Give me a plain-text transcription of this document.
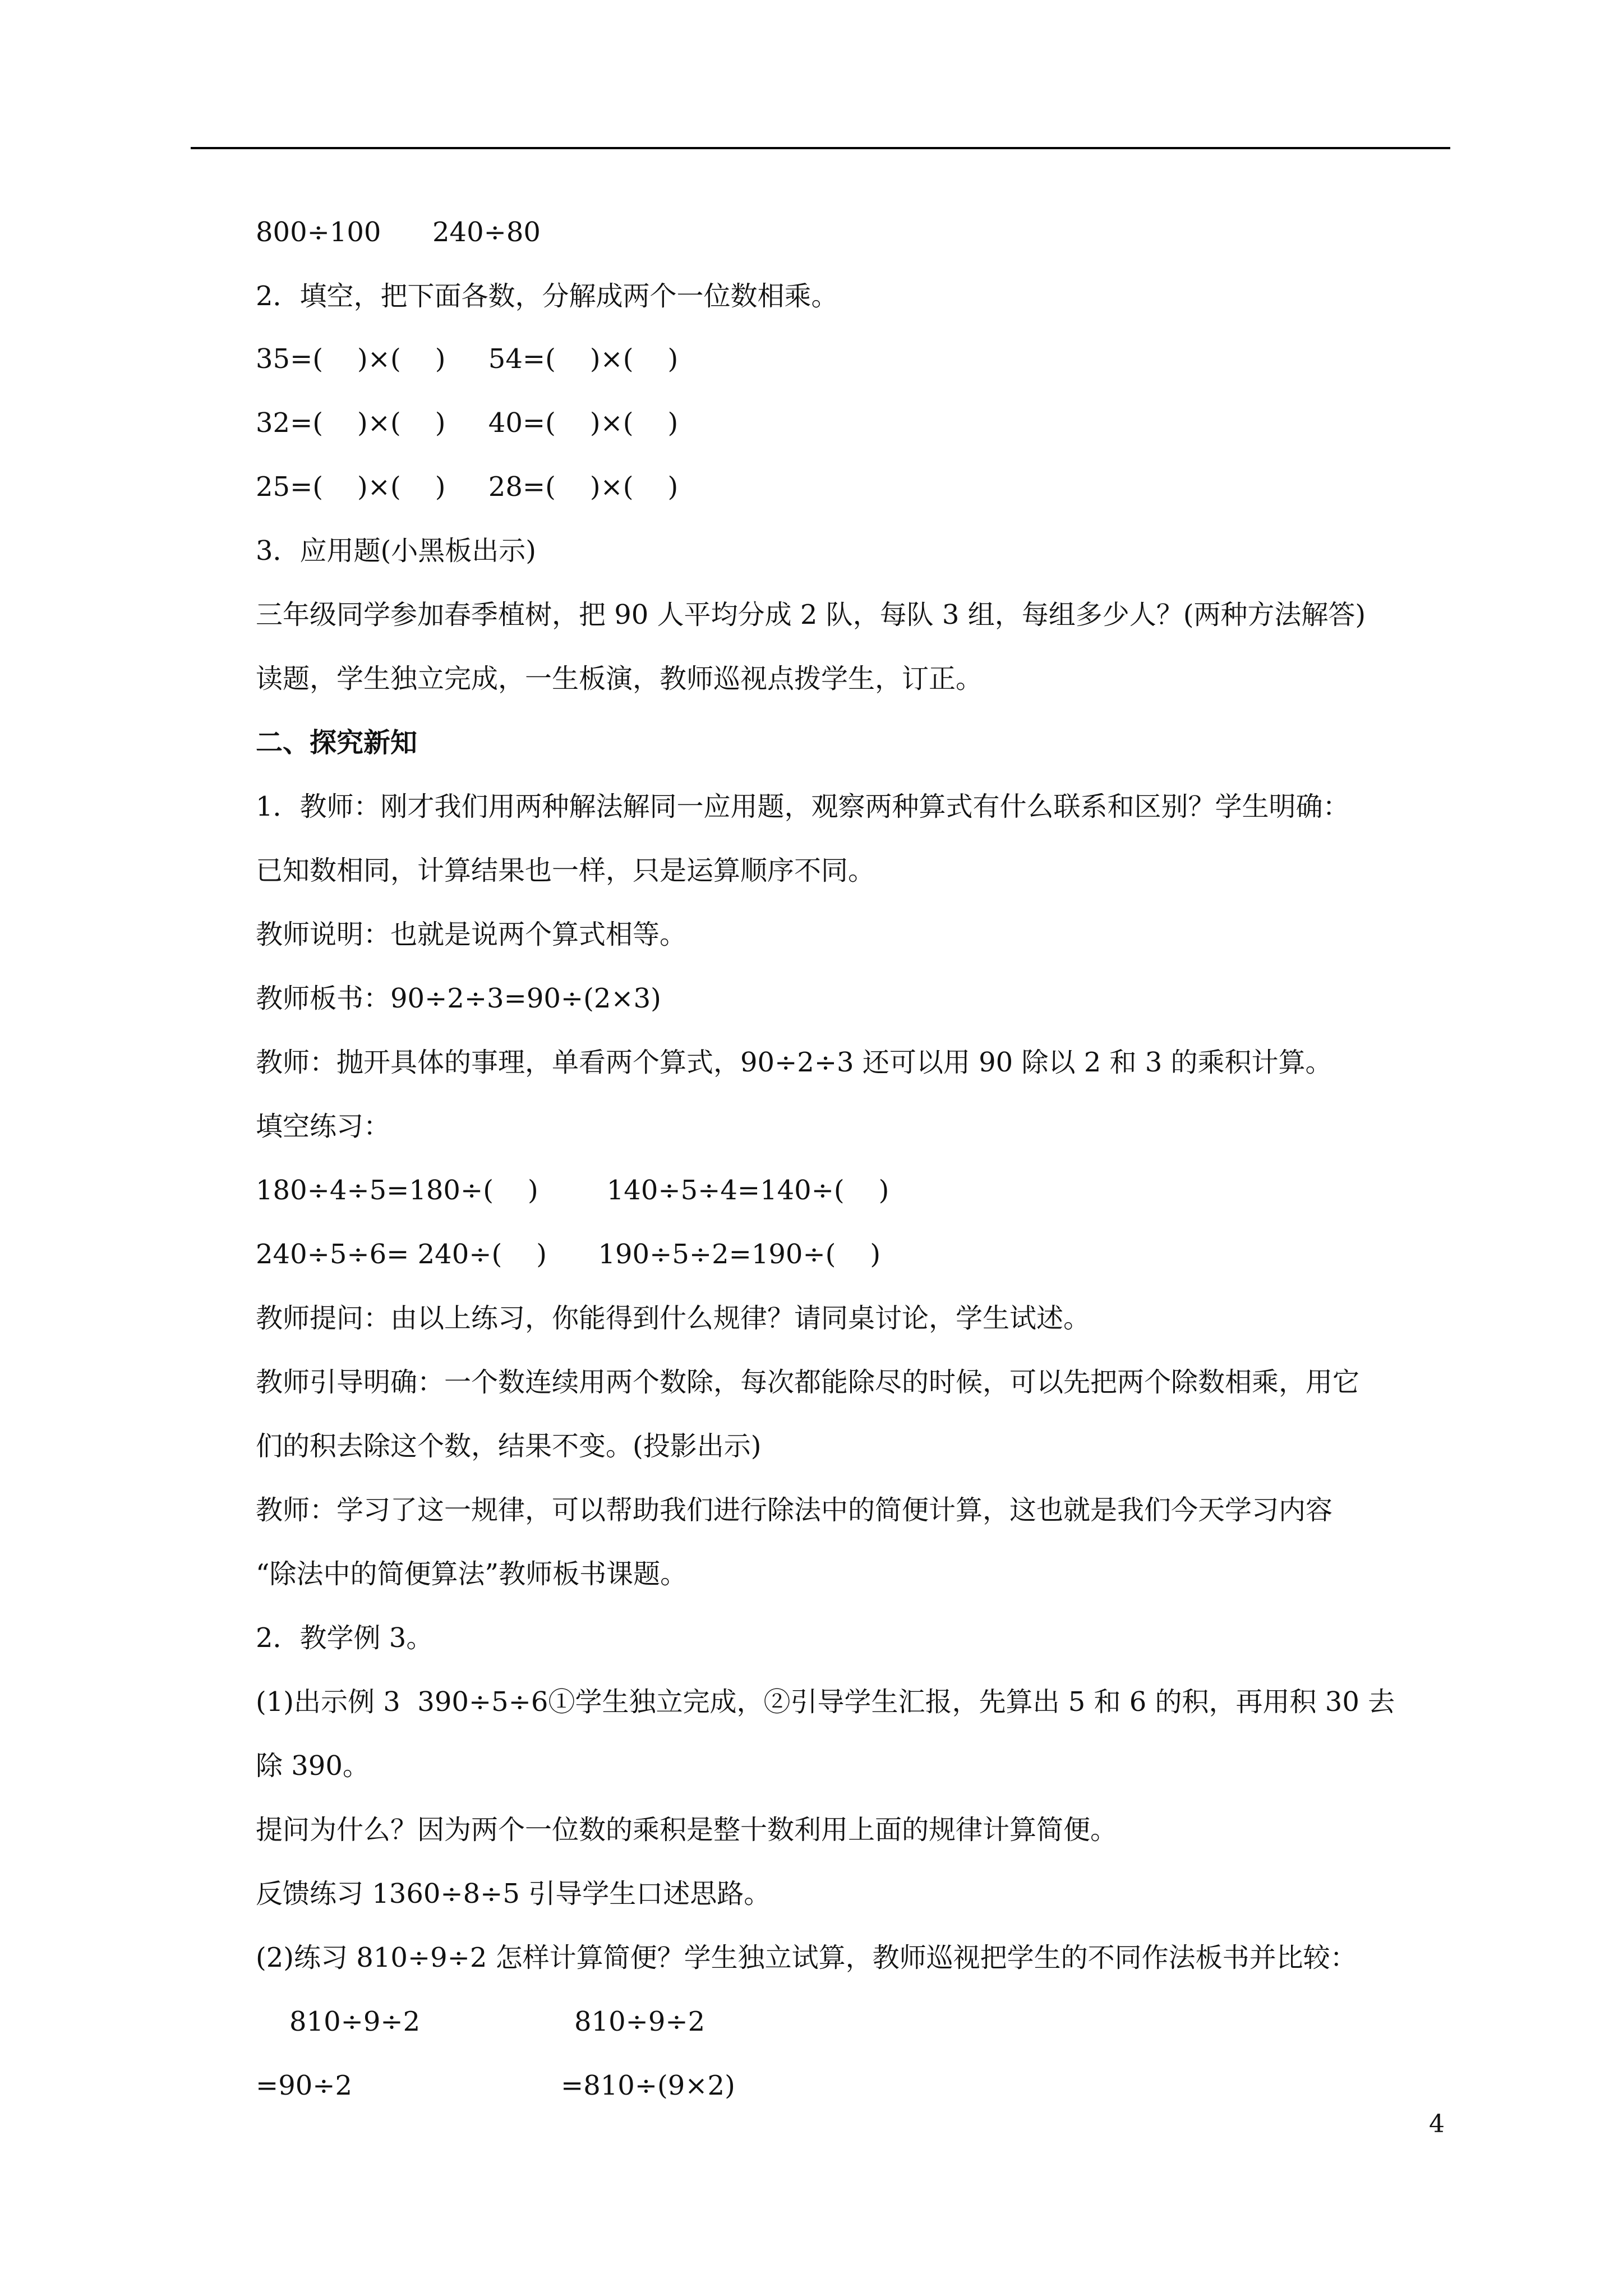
800÷100      240÷80
2．填空，把下面各数，分解成两个一位数相乘。
35=(    )×(    )     54=(    )×(    )
32=(    )×(    )     40=(    )×(    )
25=(    )×(    )     28=(    )×(    )
3．应用题(小黑板出示)
三年级同学参加春季植树，把 90 人平均分成 2 队，每队 3 组，每组多少人？(两种方法解答)
读题，学生独立完成，一生板演，教师巡视点拨学生，订正。
二、探究新知
1．教师：刚才我们用两种解法解同一应用题，观察两种算式有什么联系和区别？学生明确：
已知数相同，计算结果也一样，只是运算顺序不同。
教师说明：也就是说两个算式相等。
教师板书：90÷2÷3=90÷(2×3)
教师：抛开具体的事理，单看两个算式，90÷2÷3 还可以用 90 除以 2 和 3 的乘积计算。
填空练习：
180÷4÷5=180÷(    )        140÷5÷4=140÷(    )
240÷5÷6= 240÷(    )      190÷5÷2=190÷(    )
教师提问：由以上练习，你能得到什么规律？请同桌讨论，学生试述。
教师引导明确：一个数连续用两个数除，每次都能除尽的时候，可以先把两个除数相乘，用它
们的积去除这个数，结果不变。(投影出示)
教师：学习了这一规律，可以帮助我们进行除法中的简便计算，这也就是我们今天学习内容
“除法中的简便算法”教师板书课题。
2．教学例 3。
(1)出示例 3  390÷5÷6①学生独立完成，②引导学生汇报，先算出 5 和 6 的积，再用积 30 去
除 390。
提问为什么？因为两个一位数的乘积是整十数利用上面的规律计算简便。
反馈练习 1360÷8÷5 引导学生口述思路。
(2)练习 810÷9÷2 怎样计算简便？学生独立试算，教师巡视把学生的不同作法板书并比较：
810÷9÷2	810÷9÷2
=90÷2	=810÷(9×2)
4
